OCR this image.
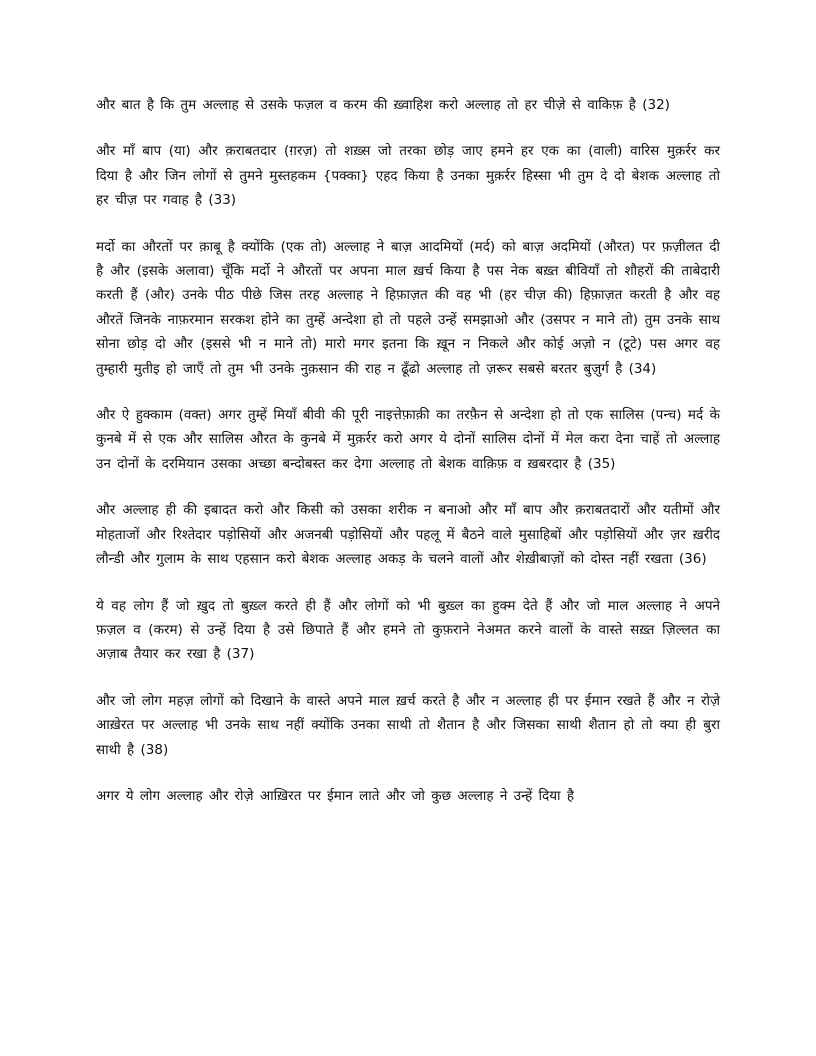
और बात है कि तुम अल्लाह से उसके फज़ल व करम की ख़्वाहिश करो अल्लाह तो हर चीजे़ से वाकिफ़ है (32)

और माँ बाप (या) और क़राबतदार (ग़रज़) तो शख़्स जो तरका छोड़ जाए हमने हर एक का (वाली) वारिस मुक़र्रर कर दिया है और जिन लोगों से तुमने मुस्तहकम {पक्का} एहद किया है उनका मुक़र्रर हिस्सा भी तुम दे दो बेशक अल्लाह तो हर चीज़ पर गवाह है (33)

मर्दो का औरतों पर क़ाबू है क्योंकि (एक तो) अल्लाह ने बाज़ आदमियों (मर्द) को बाज़ अदमियों (औरत) पर फ़ज़ीलत दी है और (इसके अलावा) चूँकि मर्दो ने औरतों पर अपना माल ख़र्च किया है पस नेक बख़्त बीवियाँ तो शौहरों की ताबेदारी करती हैं (और) उनके पीठ पीछे जिस तरह अल्लाह ने हिफ़ाज़त की वह भी (हर चीज़ की) हिफ़ाज़त करती है और वह औरतें जिनके नाफ़रमान सरकश होने का तुम्हें अन्देशा हो तो पहले उन्हें समझाओ और (उसपर न माने तो) तुम उनके साथ सोना छोड़ दो और (इससे भी न माने तो) मारो मगर इतना कि ख़ून न निकले और कोई अज़ो न (टूटे) पस अगर वह तुम्हारी मुतीइ हो जाएँ तो तुम भी उनके नुक़सान की राह न ढूँढो अल्लाह तो ज़रूर सबसे बरतर बुज़ुर्ग है (34)

और ऐ हुक्काम (वक्त) अगर तुम्हें मियाँ बीवी की पूरी नाइत्तेफ़ाक़ी का तरफ़ैन से अन्देशा हो तो एक सालिस (पन्च) मर्द के कुनबे में से एक और सालिस औरत के कुनबे में मुक़र्रर करो अगर ये दोनों सालिस दोनों में मेल करा देना चाहें तो अल्लाह उन दोनों के दरमियान उसका अच्छा बन्दोबस्त कर देगा अल्लाह तो बेशक वाक़िफ़ व ख़बरदार है (35)

और अल्लाह ही की इबादत करो और किसी को उसका शरीक न बनाओ और माँ बाप और क़राबतदारों और यतीमों और मोहताजों और रिश्तेदार पड़ोसियों और अजनबी पड़ोसियों और पहलू में बैठने वाले मुसाहिबों और पड़ोसियों और ज़र ख़रीद लौन्डी और गुलाम के साथ एहसान करो बेशक अल्लाह अकड़ के चलने वालों और शेख़ीबाज़ों को दोस्त नहीं रखता (36)

ये वह लोग हैं जो ख़ुद तो बुख़्ल करते ही हैं और लोगों को भी बुख़्ल का हुक्म देते हैं और जो माल अल्लाह ने अपने फ़ज़ल व (करम) से उन्हें दिया है उसे छिपाते हैं और हमने तो कुफ़राने नेअमत करने वालों के वास्ते सख़्त ज़िल्लत का अज़ाब तैयार कर रखा है (37)

और जो लोग महज़ लोगों को दिखाने के वास्ते अपने माल ख़र्च करते है और न अल्लाह ही पर ईमान रखते हैं और न रोजे़ आख़ेरत पर अल्लाह भी उनके साथ नहीं क्योंकि उनका साथी तो शैतान है और जिसका साथी शैतान हो तो क्या ही बुरा साथी है (38)

अगर ये लोग अल्लाह और रोजे़ आख़िरत पर ईमान लाते और जो कुछ अल्लाह ने उन्हें दिया है
